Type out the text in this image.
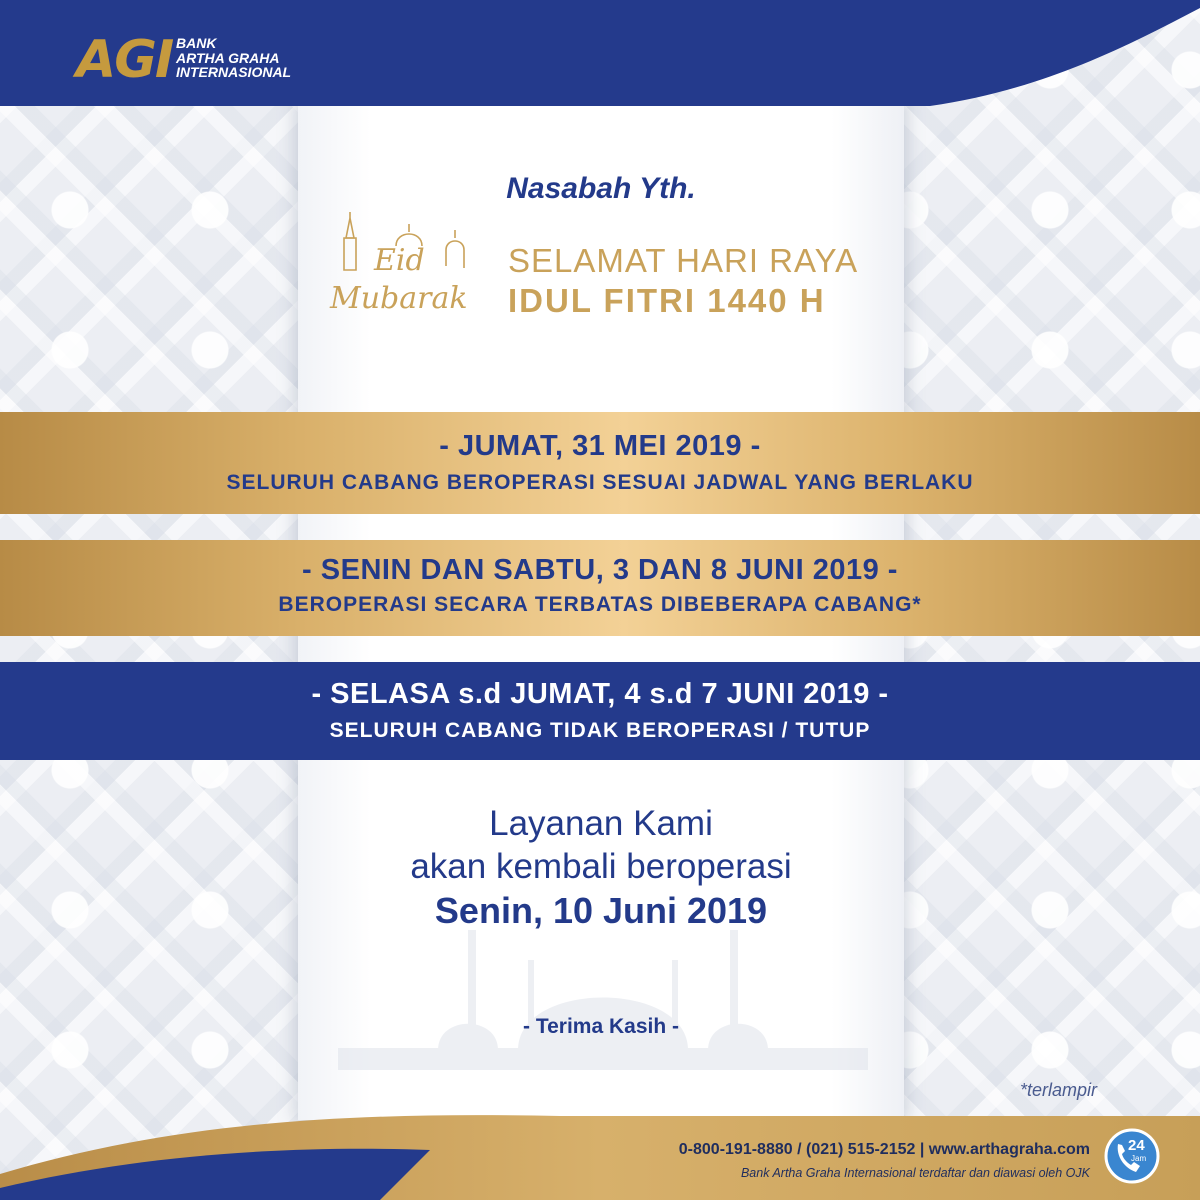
AGI BANK
ARTHA GRAHA
INTERNASIONAL
Nasabah Yth.
Eid
Mubarak
SELAMAT HARI RAYA
IDUL FITRI 1440 H
- JUMAT, 31 MEI 2019 -
SELURUH CABANG BEROPERASI SESUAI JADWAL YANG BERLAKU
- SENIN DAN SABTU, 3 DAN 8 JUNI 2019 -
BEROPERASI SECARA TERBATAS DIBEBERAPA CABANG*
- SELASA s.d JUMAT, 4 s.d 7 JUNI 2019 -
SELURUH CABANG TIDAK BEROPERASI / TUTUP
Layanan Kami
akan kembali beroperasi
Senin, 10 Juni 2019
- Terima Kasih -
*terlampir
0-800-191-8880 / (021) 515-2152 | www.arthagraha.com
Bank Artha Graha Internasional terdaftar dan diawasi oleh OJK
24
Jam
